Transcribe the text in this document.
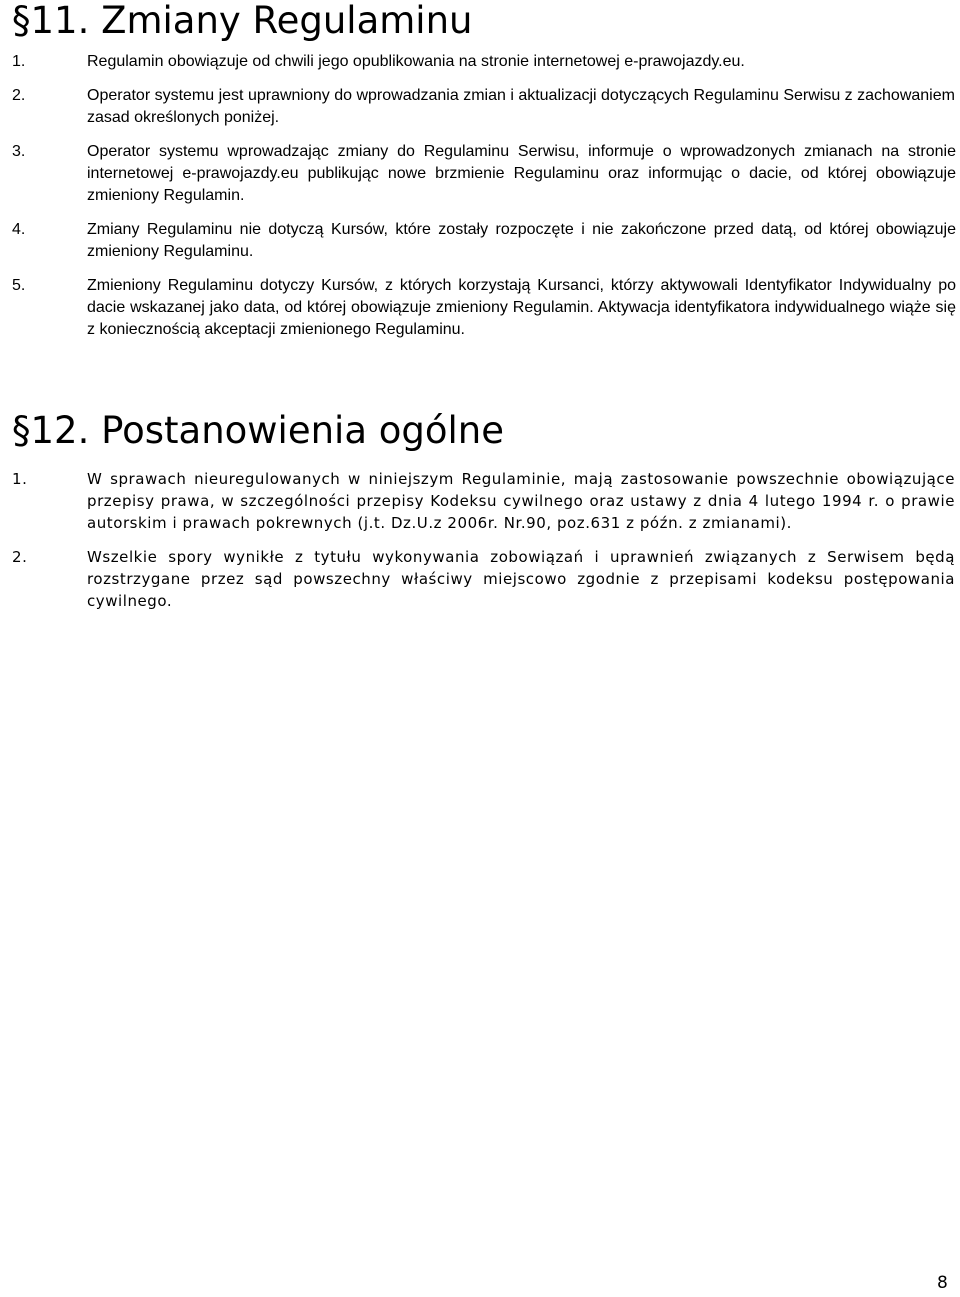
§11. Zmiany Regulaminu
1.	Regulamin obowiązuje od chwili jego opublikowania na stronie internetowej e-prawojazdy.eu.
2.	Operator systemu jest uprawniony do wprowadzania zmian i aktualizacji dotyczących Regulaminu Serwisu z zachowaniem zasad określonych poniżej.
3.	Operator systemu wprowadzając zmiany do Regulaminu Serwisu, informuje o wprowadzonych zmianach na stronie internetowej e-prawojazdy.eu publikując nowe brzmienie Regulaminu oraz informując o dacie, od której obowiązuje zmieniony Regulamin.
4.	Zmiany Regulaminu nie dotyczą Kursów, które zostały rozpoczęte i nie zakończone przed datą, od której obowiązuje zmieniony Regulaminu.
5.	Zmieniony Regulaminu dotyczy Kursów, z których korzystają Kursanci, którzy aktywowali Identyfikator Indywidualny po dacie wskazanej jako data, od której obowiązuje zmieniony Regulamin. Aktywacja identyfikatora indywidualnego wiąże się z koniecznością akceptacji zmienionego Regulaminu.
§12. Postanowienia ogólne
1.	W sprawach nieuregulowanych w niniejszym Regulaminie, mają zastosowanie powszechnie obowiązujące przepisy prawa, w szczególności przepisy Kodeksu cywilnego oraz ustawy z dnia 4 lutego 1994 r. o prawie autorskim i prawach pokrewnych (j.t. Dz.U.z 2006r. Nr.90, poz.631 z późn. z zmianami).
2.	Wszelkie spory wynikłe z tytułu wykonywania zobowiązań i uprawnień związanych z Serwisem będą rozstrzygane przez sąd powszechny właściwy miejscowo zgodnie z przepisami kodeksu postępowania cywilnego.
8
